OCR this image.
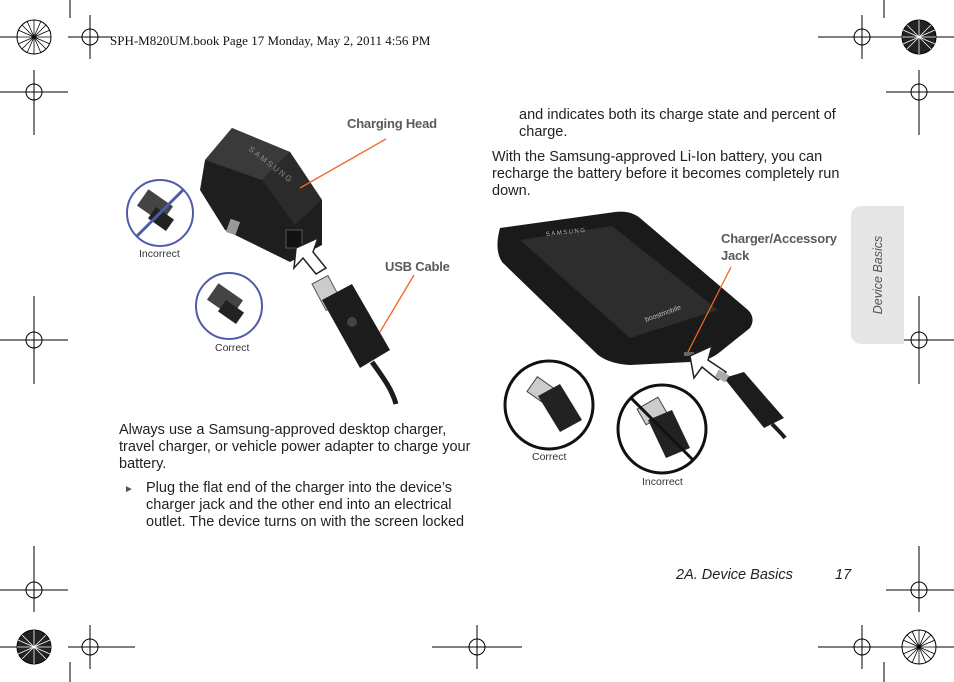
SAMSUNG
SAMSUNG
boostmobile
SPH-M820UM.book Page 17 Monday, May 2, 2011 4:56 PM
Charging Head
USB Cable
Incorrect
Correct
Charger/Accessory
Jack
Correct
Incorrect
Always use a Samsung-approved desktop charger,
travel charger, or vehicle power adapter to charge your
battery.
► Plug the flat end of the charger into the device’s
charger jack and the other end into an electrical
outlet. The device turns on with the screen locked
and indicates both its charge state and percent of
charge.
With the Samsung-approved Li-Ion battery, you can
recharge the battery before it becomes completely run
down.
Device Basics
2A. Device Basics	17
